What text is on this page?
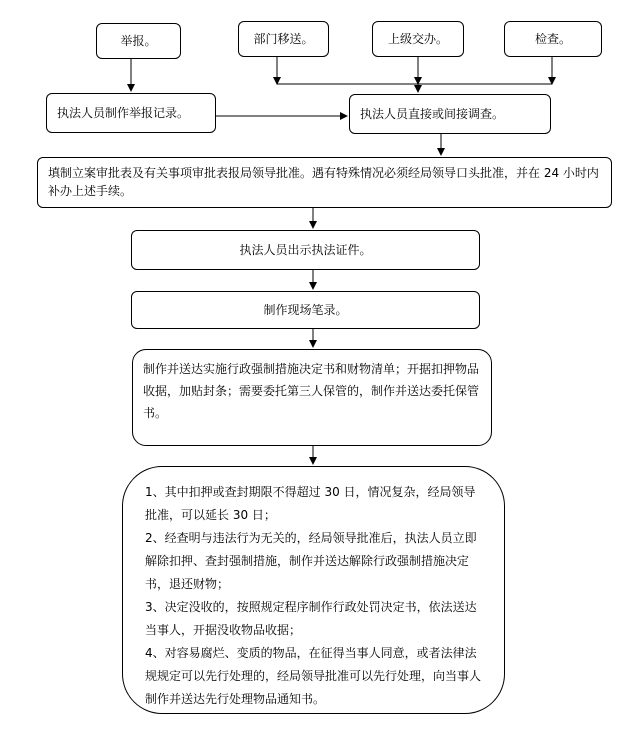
举报。	部门移送。	上级交办。	检查。
执法人员制作举报记录。	执法人员直接或间接调查。
填制立案审批表及有关事项审批表报局领导批准。遇有特殊情况必须经局领导口头批准，并在 24 小时内补办上述手续。
执法人员出示执法证件。
制作现场笔录。
制作并送达实施行政强制措施决定书和财物清单；开据扣押物品收据，加贴封条；需要委托第三人保管的，制作并送达委托保管书。
1、其中扣押或查封期限不得超过 30 日，情况复杂，经局领导批准，可以延长 30 日；
2、经查明与违法行为无关的，经局领导批准后，执法人员立即解除扣押、查封强制措施，制作并送达解除行政强制措施决定书，退还财物；
3、决定没收的，按照规定程序制作行政处罚决定书，依法送达当事人，开据没收物品收据；
4、对容易腐烂、变质的物品，在征得当事人同意，或者法律法规规定可以先行处理的，经局领导批准可以先行处理，向当事人制作并送达先行处理物品通知书。
